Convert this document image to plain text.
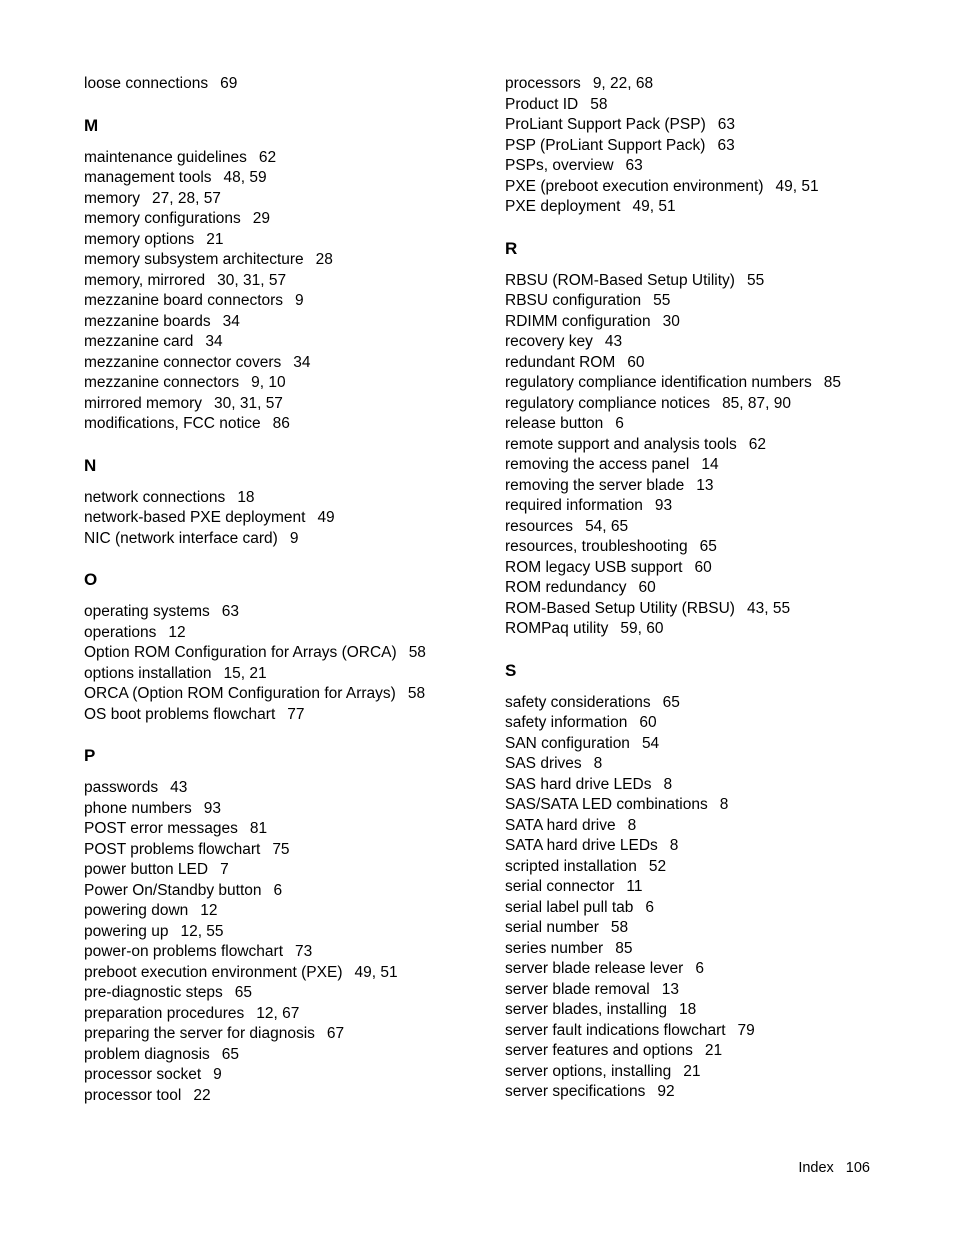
loose connections 69
M
maintenance guidelines 62
management tools 48, 59
memory 27, 28, 57
memory configurations 29
memory options 21
memory subsystem architecture 28
memory, mirrored 30, 31, 57
mezzanine board connectors 9
mezzanine boards 34
mezzanine card 34
mezzanine connector covers 34
mezzanine connectors 9, 10
mirrored memory 30, 31, 57
modifications, FCC notice 86
N
network connections 18
network-based PXE deployment 49
NIC (network interface card) 9
O
operating systems 63
operations 12
Option ROM Configuration for Arrays (ORCA) 58
options installation 15, 21
ORCA (Option ROM Configuration for Arrays) 58
OS boot problems flowchart 77
P
passwords 43
phone numbers 93
POST error messages 81
POST problems flowchart 75
power button LED 7
Power On/Standby button 6
powering down 12
powering up 12, 55
power-on problems flowchart 73
preboot execution environment (PXE) 49, 51
pre-diagnostic steps 65
preparation procedures 12, 67
preparing the server for diagnosis 67
problem diagnosis 65
processor socket 9
processor tool 22
processors 9, 22, 68
Product ID 58
ProLiant Support Pack (PSP) 63
PSP (ProLiant Support Pack) 63
PSPs, overview 63
PXE (preboot execution environment) 49, 51
PXE deployment 49, 51
R
RBSU (ROM-Based Setup Utility) 55
RBSU configuration 55
RDIMM configuration 30
recovery key 43
redundant ROM 60
regulatory compliance identification numbers 85
regulatory compliance notices 85, 87, 90
release button 6
remote support and analysis tools 62
removing the access panel 14
removing the server blade 13
required information 93
resources 54, 65
resources, troubleshooting 65
ROM legacy USB support 60
ROM redundancy 60
ROM-Based Setup Utility (RBSU) 43, 55
ROMPaq utility 59, 60
S
safety considerations 65
safety information 60
SAN configuration 54
SAS drives 8
SAS hard drive LEDs 8
SAS/SATA LED combinations 8
SATA hard drive 8
SATA hard drive LEDs 8
scripted installation 52
serial connector 11
serial label pull tab 6
serial number 58
series number 85
server blade release lever 6
server blade removal 13
server blades, installing 18
server fault indications flowchart 79
server features and options 21
server options, installing 21
server specifications 92
Index 106
